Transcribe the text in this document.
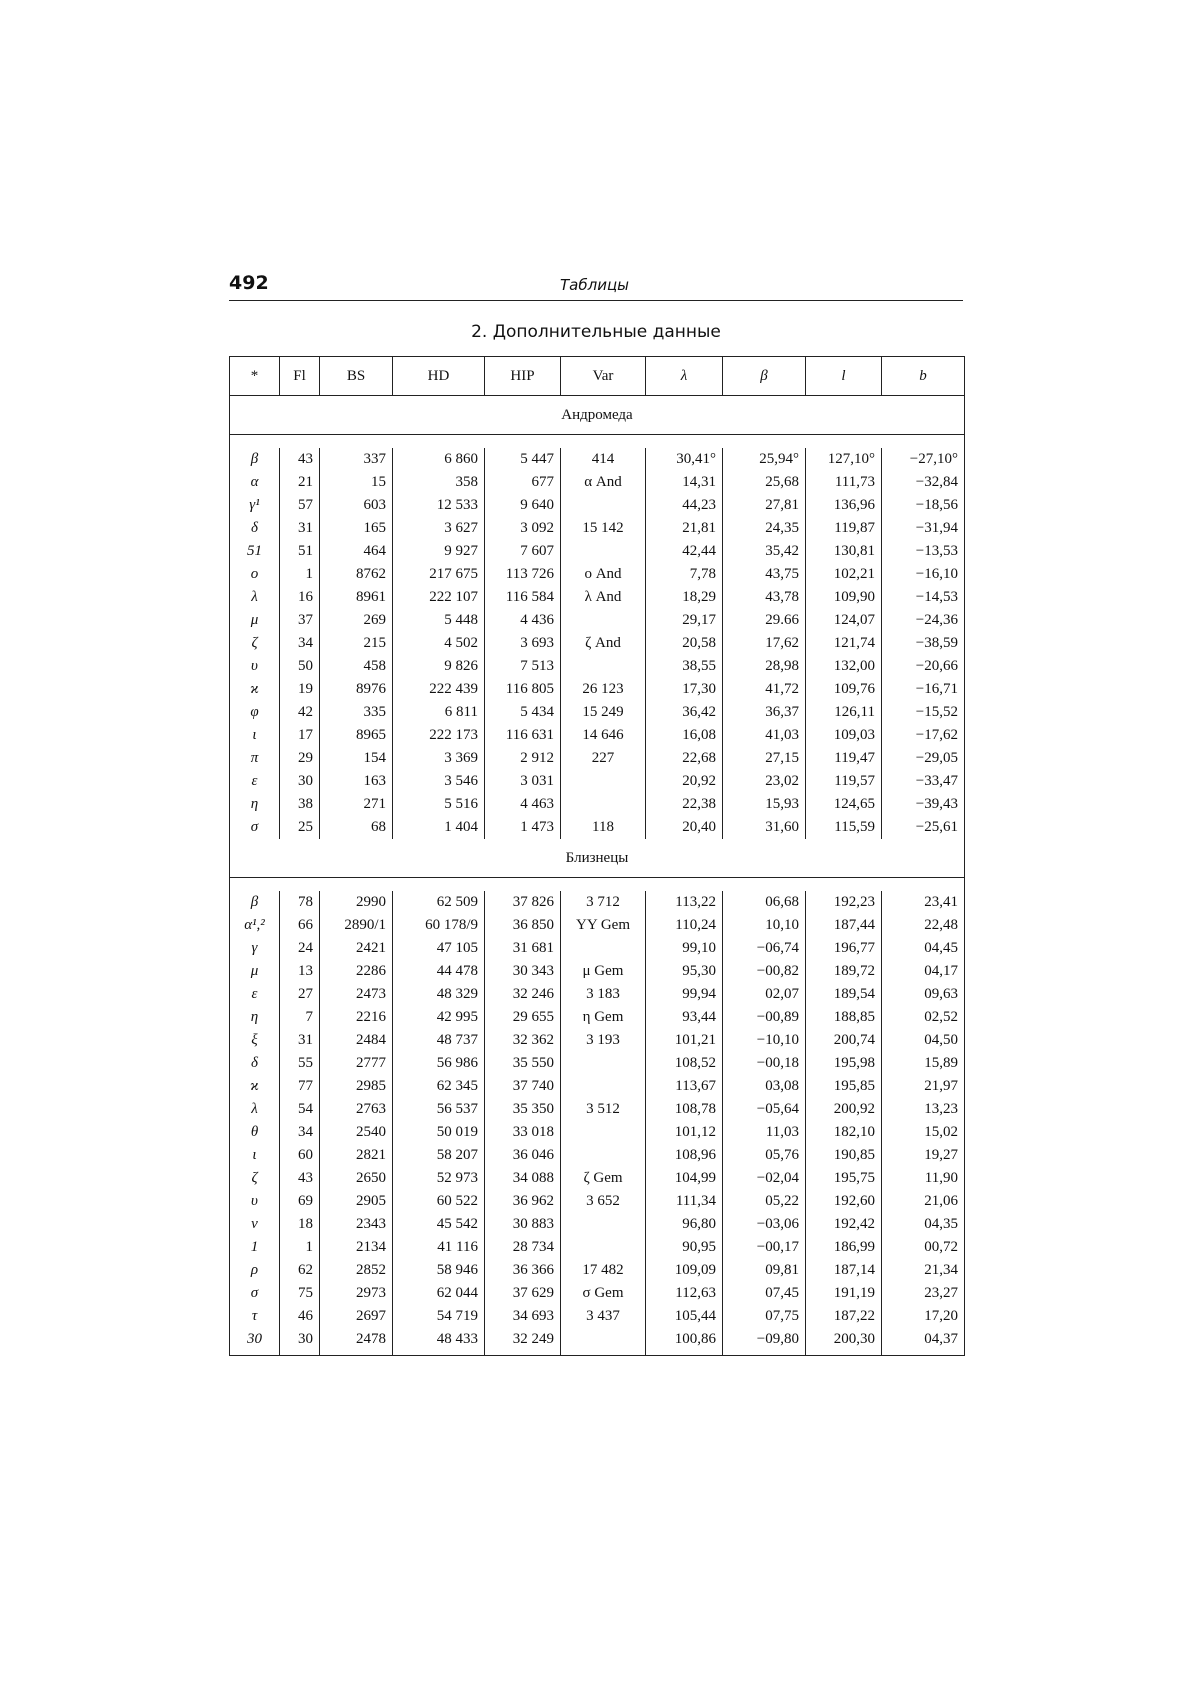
492	Таблицы
2. Дополнительные данные
*	Fl	BS	HD	HIP	Var	λ	β	l	b
Андромеда									

β	43	337	6 860	5 447	414	30,41°	25,94°	127,10°	−27,10°
α	21	15	358	677	α And	14,31	25,68	111,73	−32,84
γ¹	57	603	12 533	9 640		44,23	27,81	136,96	−18,56
δ	31	165	3 627	3 092	15 142	21,81	24,35	119,87	−31,94
51	51	464	9 927	7 607		42,44	35,42	130,81	−13,53
ο	1	8762	217 675	113 726	ο And	7,78	43,75	102,21	−16,10
λ	16	8961	222 107	116 584	λ And	18,29	43,78	109,90	−14,53
μ	37	269	5 448	4 436		29,17	29.66	124,07	−24,36
ζ	34	215	4 502	3 693	ζ And	20,58	17,62	121,74	−38,59
υ	50	458	9 826	7 513		38,55	28,98	132,00	−20,66
ϰ	19	8976	222 439	116 805	26 123	17,30	41,72	109,76	−16,71
φ	42	335	6 811	5 434	15 249	36,42	36,37	126,11	−15,52
ι	17	8965	222 173	116 631	14 646	16,08	41,03	109,03	−17,62
π	29	154	3 369	2 912	227	22,68	27,15	119,47	−29,05
ε	30	163	3 546	3 031		20,92	23,02	119,57	−33,47
η	38	271	5 516	4 463		22,38	15,93	124,65	−39,43
σ	25	68	1 404	1 473	118	20,40	31,60	115,59	−25,61
Близнецы									

β	78	2990	62 509	37 826	3 712	113,22	06,68	192,23	23,41
α¹,²	66	2890/1	60 178/9	36 850	YY Gem	110,24	10,10	187,44	22,48
γ	24	2421	47 105	31 681		99,10	−06,74	196,77	04,45
μ	13	2286	44 478	30 343	μ Gem	95,30	−00,82	189,72	04,17
ε	27	2473	48 329	32 246	3 183	99,94	02,07	189,54	09,63
η	7	2216	42 995	29 655	η Gem	93,44	−00,89	188,85	02,52
ξ	31	2484	48 737	32 362	3 193	101,21	−10,10	200,74	04,50
δ	55	2777	56 986	35 550		108,52	−00,18	195,98	15,89
ϰ	77	2985	62 345	37 740		113,67	03,08	195,85	21,97
λ	54	2763	56 537	35 350	3 512	108,78	−05,64	200,92	13,23
θ	34	2540	50 019	33 018		101,12	11,03	182,10	15,02
ι	60	2821	58 207	36 046		108,96	05,76	190,85	19,27
ζ	43	2650	52 973	34 088	ζ Gem	104,99	−02,04	195,75	11,90
υ	69	2905	60 522	36 962	3 652	111,34	05,22	192,60	21,06
ν	18	2343	45 542	30 883		96,80	−03,06	192,42	04,35
1	1	2134	41 116	28 734		90,95	−00,17	186,99	00,72
ρ	62	2852	58 946	36 366	17 482	109,09	09,81	187,14	21,34
σ	75	2973	62 044	37 629	σ Gem	112,63	07,45	191,19	23,27
τ	46	2697	54 719	34 693	3 437	105,44	07,75	187,22	17,20
30	30	2478	48 433	32 249		100,86	−09,80	200,30	04,37
